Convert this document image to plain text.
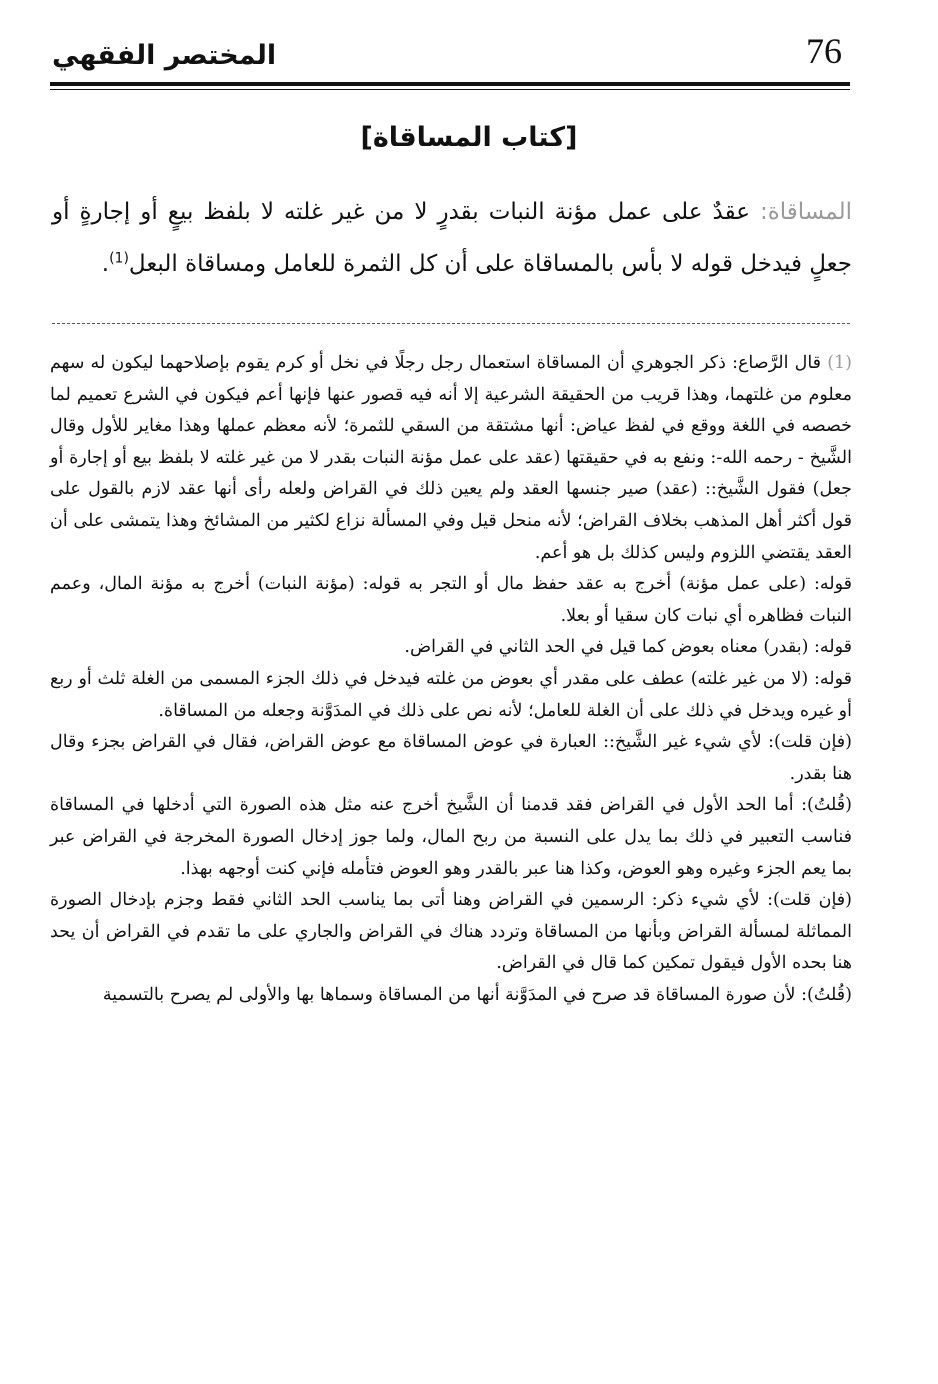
76
المختصر الفقهي
[كتاب المساقاة]
المساقاة: عقدٌ على عمل مؤنة النبات بقدرٍ لا من غير غلته لا بلفظ بيعٍ أو إجارةٍ أو جعلٍ فيدخل قوله لا بأس بالمساقاة على أن كل الثمرة للعامل ومساقاة البعل$^{(1)}$.

(1) قال الرَّصاع: ذكر الجوهري أن المساقاة استعمال رجل رجلًا في نخل أو كرم يقوم بإصلاحهما ليكون له سهم معلوم من غلتهما، وهذا قريب من الحقيقة الشرعية إلا أنه فيه قصور عنها فإنها أعم فيكون في الشرع تعميم لما خصصه في اللغة ووقع في لفظ عياض: أنها مشتقة من السقي للثمرة؛ لأنه معظم عملها وهذا مغاير للأول وقال الشَّيخ - رحمه الله-: ونفع به في حقيقتها (عقد على عمل مؤنة النبات بقدر لا من غير غلته لا بلفظ بيع أو إجارة أو جعل) فقول الشَّيخ:: (عقد) صير جنسها العقد ولم يعين ذلك في القراض ولعله رأى أنها عقد لازم بالقول على قول أكثر أهل المذهب بخلاف القراض؛ لأنه منحل قيل وفي المسألة نزاع لكثير من المشائخ وهذا يتمشى على أن العقد يقتضي اللزوم وليس كذلك بل هو أعم.

قوله: (على عمل مؤنة) أخرج به عقد حفظ مال أو التجر به قوله: (مؤنة النبات) أخرج به مؤنة المال، وعمم النبات فظاهره أي نبات كان سقيا أو بعلا.

قوله: (بقدر) معناه بعوض كما قيل في الحد الثاني في القراض.

قوله: (لا من غير غلته) عطف على مقدر أي بعوض من غلته فيدخل في ذلك الجزء المسمى من الغلة ثلث أو ربع أو غيره ويدخل في ذلك على أن الغلة للعامل؛ لأنه نص على ذلك في المدَوَّنة وجعله من المساقاة.

(فإن قلت): لأي شيء غير الشَّيخ:: العبارة في عوض المساقاة مع عوض القراض، فقال في القراض بجزء وقال هنا بقدر.

(قُلتُ): أما الحد الأول في القراض فقد قدمنا أن الشَّيخ أخرج عنه مثل هذه الصورة التي أدخلها في المساقاة فناسب التعبير في ذلك بما يدل على النسبة من ربح المال، ولما جوز إدخال الصورة المخرجة في القراض عبر بما يعم الجزء وغيره وهو العوض، وكذا هنا عبر بالقدر وهو العوض فتأمله فإني كنت أوجهه بهذا.

(فإن قلت): لأي شيء ذكر: الرسمين في القراض وهنا أتى بما يناسب الحد الثاني فقط وجزم بإدخال الصورة المماثلة لمسألة القراض وبأنها من المساقاة وتردد هناك في القراض والجاري على ما تقدم في القراض أن يحد هنا بحده الأول فيقول تمكين كما قال في القراض.

(قُلتُ): لأن صورة المساقاة قد صرح في المدَوَّنة أنها من المساقاة وسماها بها والأولى لم يصرح بالتسمية
